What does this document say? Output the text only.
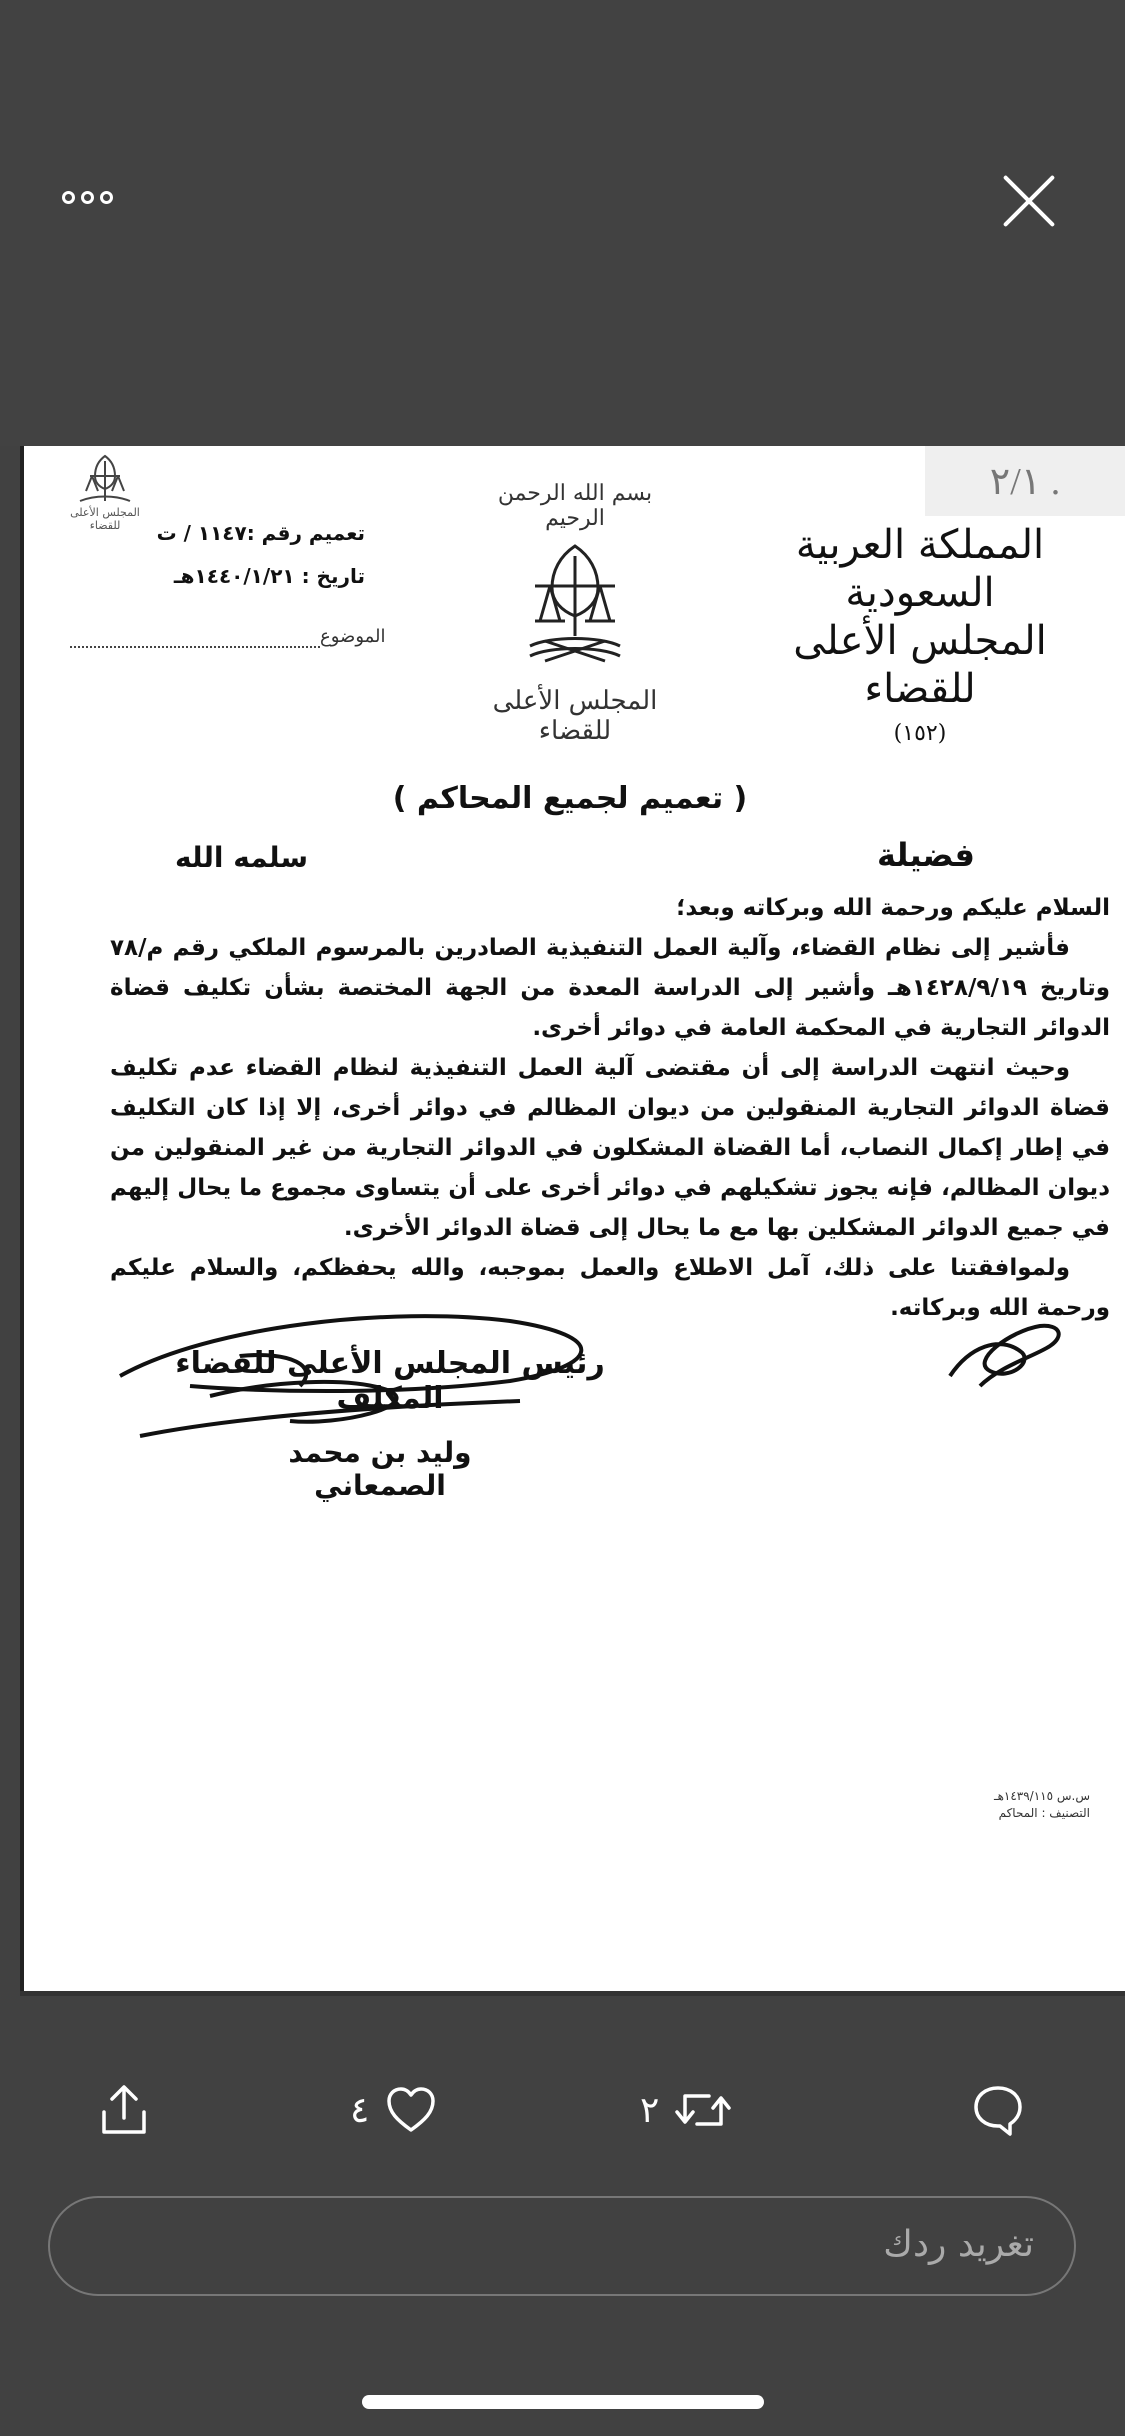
٢/١ .
المملكة العربية السعودية
المجلس الأعلى للقضاء
(١٥٢)
بسم الله الرحمن الرحيم
المجلس الأعلى للقضاء
المجلس الأعلى للقضاء	تعميم رقم :١١٤٧ / ت
تاريخ : ١٤٤٠/١/٢١هـ
الموضوع
( تعميم لجميع المحاكم )
فضيلة
سلمه الله

السلام عليكم ورحمة الله وبركاته وبعد؛

فأشير إلى نظام القضاء، وآلية العمل التنفيذية الصادرين بالمرسوم الملكي رقم م/٧٨ وتاريخ ١٤٢٨/٩/١٩هـ وأشير إلى الدراسة المعدة من الجهة المختصة بشأن تكليف قضاة الدوائر التجارية في المحكمة العامة في دوائر أخرى.

وحيث انتهت الدراسة إلى أن مقتضى آلية العمل التنفيذية لنظام القضاء عدم تكليف قضاة الدوائر التجارية المنقولين من ديوان المظالم في دوائر أخرى، إلا إذا كان التكليف في إطار إكمال النصاب، أما القضاة المشكلون في الدوائر التجارية من غير المنقولين من ديوان المظالم، فإنه يجوز تشكيلهم في دوائر أخرى على أن يتساوى مجموع ما يحال إليهم في جميع الدوائر المشكلين بها مع ما يحال إلى قضاة الدوائر الأخرى.

ولموافقتنا على ذلك، آمل الاطلاع والعمل بموجبه، والله يحفظكم، والسلام عليكم ورحمة الله وبركاته.

رئيس المجلس الأعلى للقضاء المكلف
وليد بن محمد الصمعاني
س.س ١٤٣٩/١١٥هـ
التصنيف : المحاكم
٤	٢
تغريد ردك
